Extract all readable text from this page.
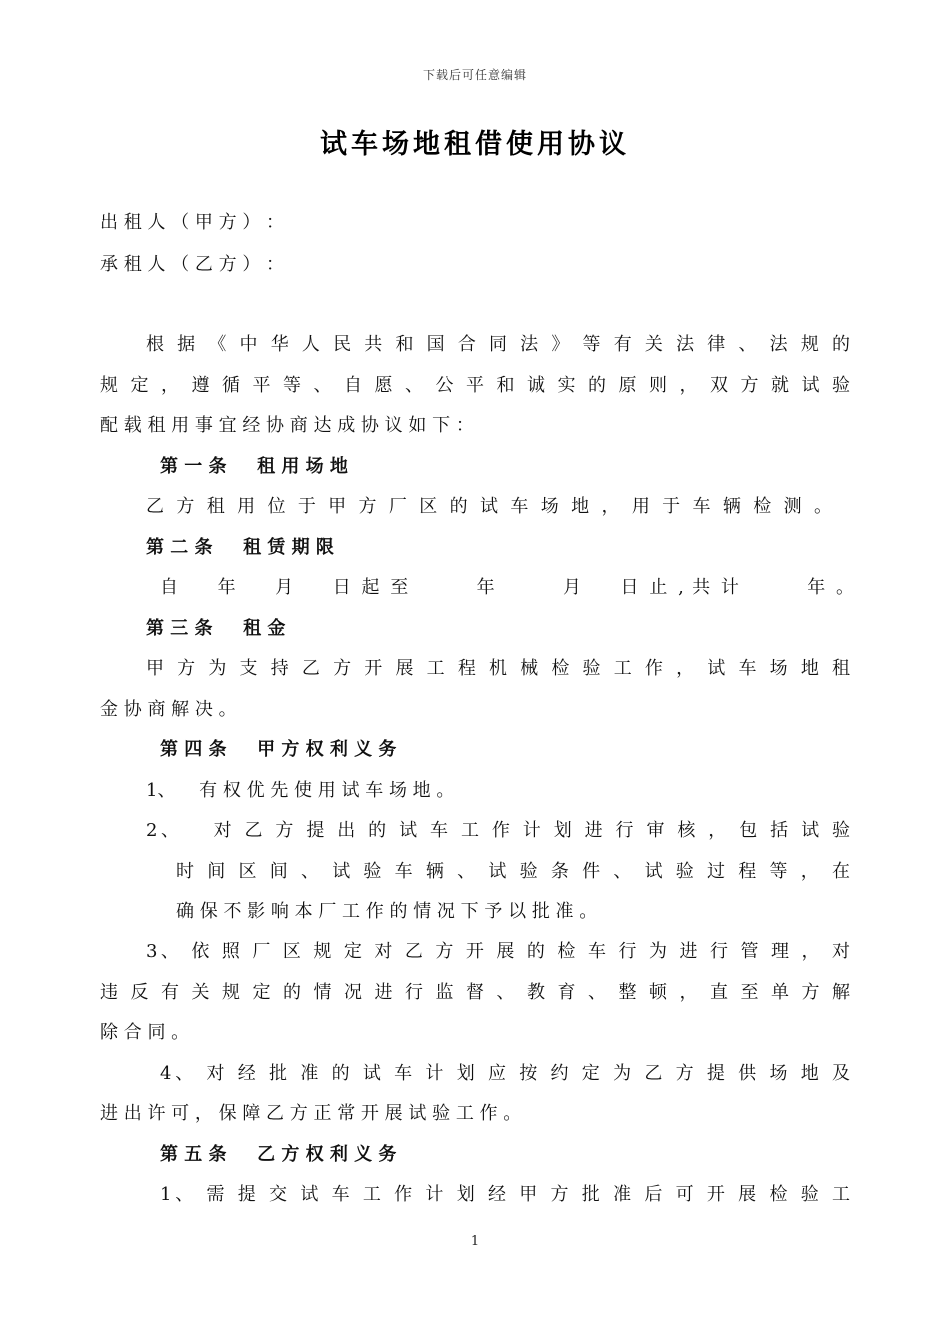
下载后可任意编辑
试车场地租借使用协议
出 租 人 （ 甲 方 ） ：
承 租 人 （ 乙 方 ） ：
根 据 《 中 华 人 民 共 和 国 合 同 法 》 等 有 关 法 律 、 法 规 的
规 定 ， 遵 循 平 等 、 自 愿 、 公 平 和 诚 实 的 原 则 ， 双 方 就 试 验
配 载 租 用 事 宜 经 协 商 达 成 协 议 如 下 ：
第 一 条 　 租 用 场 地
乙 方 租 用 位 于 甲 方 厂 区 的 试 车 场 地 ， 用 于 车 辆 检 测 。
第 二 条 　 租 赁 期 限
自 　 年 　 月 　 日 起 至 　 　 年 　 　 月 　 日 止 , 共 计 　 　 年 。
第 三 条 　 租 金
甲 方 为 支 持 乙 方 开 展 工 程 机 械 检 验 工 作 ， 试 车 场 地 租
金 协 商 解 决 。
第 四 条 　 甲 方 权 利 义 务
1、 　有 权 优 先 使 用 试 车 场 地 。
2、 　对 乙 方 提 出 的 试 车 工 作 计 划 进 行 审 核 ， 包 括 试 验
时 间 区 间 、 试 验 车 辆 、 试 验 条 件 、 试 验 过 程 等 ， 在
确 保 不 影 响 本 厂 工 作 的 情 况 下 予 以 批 准 。
3、 依 照 厂 区 规 定 对 乙 方 开 展 的 检 车 行 为 进 行 管 理 ， 对
违 反 有 关 规 定 的 情 况 进 行 监 督 、 教 育 、 整 顿 ， 直 至 单 方 解
除 合 同 。
4、 对 经 批 准 的 试 车 计 划 应 按 约 定 为 乙 方 提 供 场 地 及
进 出 许 可 ， 保 障 乙 方 正 常 开 展 试 验 工 作 。
第 五 条 　 乙 方 权 利 义 务
1、 需 提 交 试 车 工 作 计 划 经 甲 方 批 准 后 可 开 展 检 验 工
1
